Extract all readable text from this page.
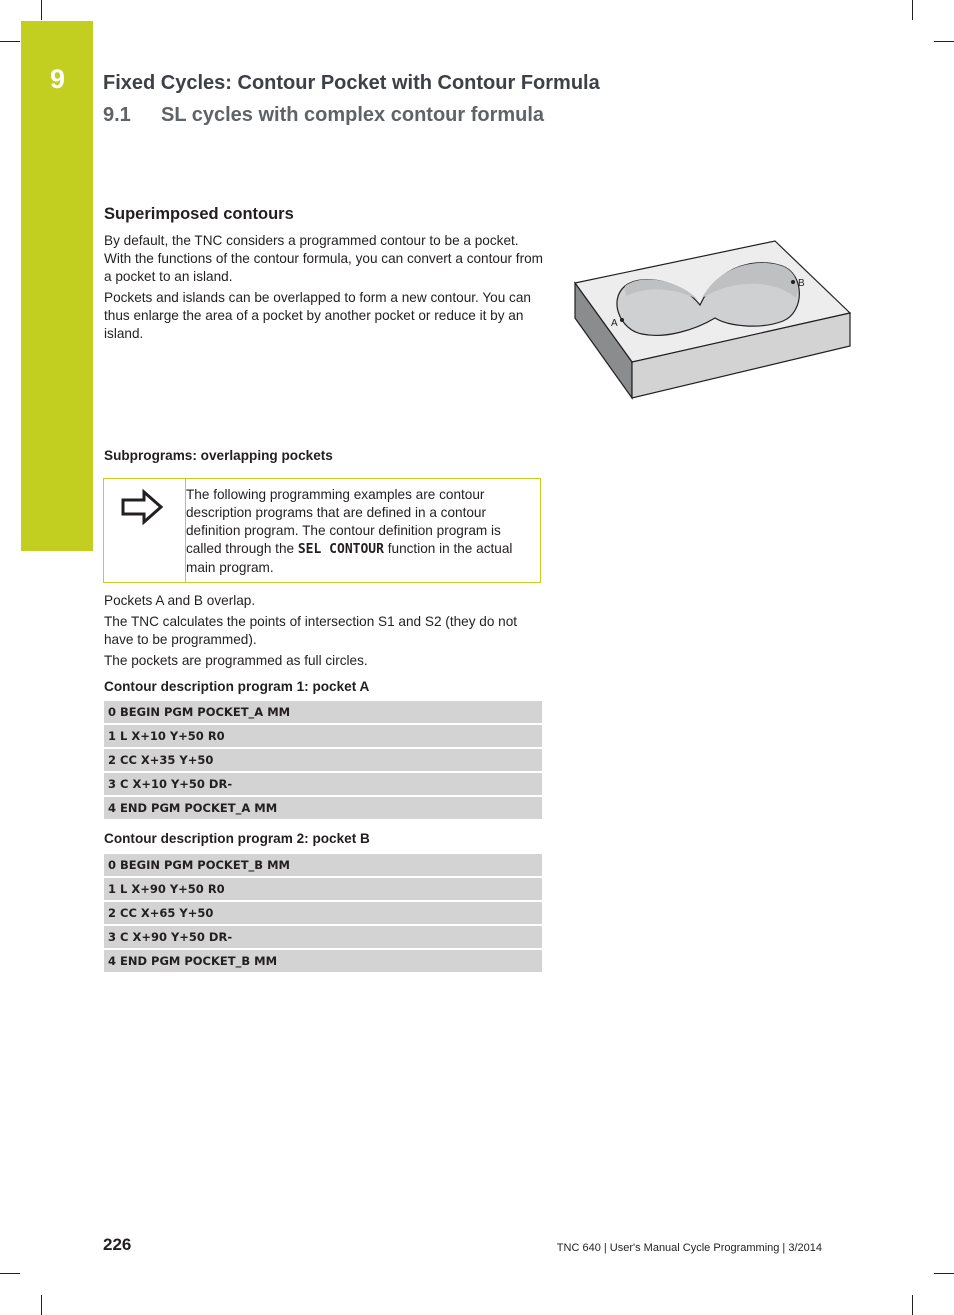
9	Fixed Cycles: Contour Pocket with Contour Formula
9.1 SL cycles with complex contour formula
Superimposed contours

By default, the TNC considers a programmed contour to be a pocket. With the functions of the contour formula, you can convert a contour from a pocket to an island.

Pockets and islands can be overlapped to form a new contour. You can thus enlarge the area of a pocket by another pocket or reduce it by an island.

A
B
Subprograms: overlapping pockets
The following programming examples are contour description programs that are defined in a contour definition program. The contour definition program is called through the SEL CONTOUR function in the actual main program.

Pockets A and B overlap.

The TNC calculates the points of intersection S1 and S2 (they do not have to be programmed).

The pockets are programmed as full circles.

Contour description program 1: pocket A
0 BEGIN PGM POCKET_A MM
1 L X+10 Y+50 R0
2 CC X+35 Y+50
3 C X+10 Y+50 DR-
4 END PGM POCKET_A MM
Contour description program 2: pocket B
0 BEGIN PGM POCKET_B MM
1 L X+90 Y+50 R0
2 CC X+65 Y+50
3 C X+90 Y+50 DR-
4 END PGM POCKET_B MM
226	TNC 640 | User's Manual Cycle Programming | 3/2014
